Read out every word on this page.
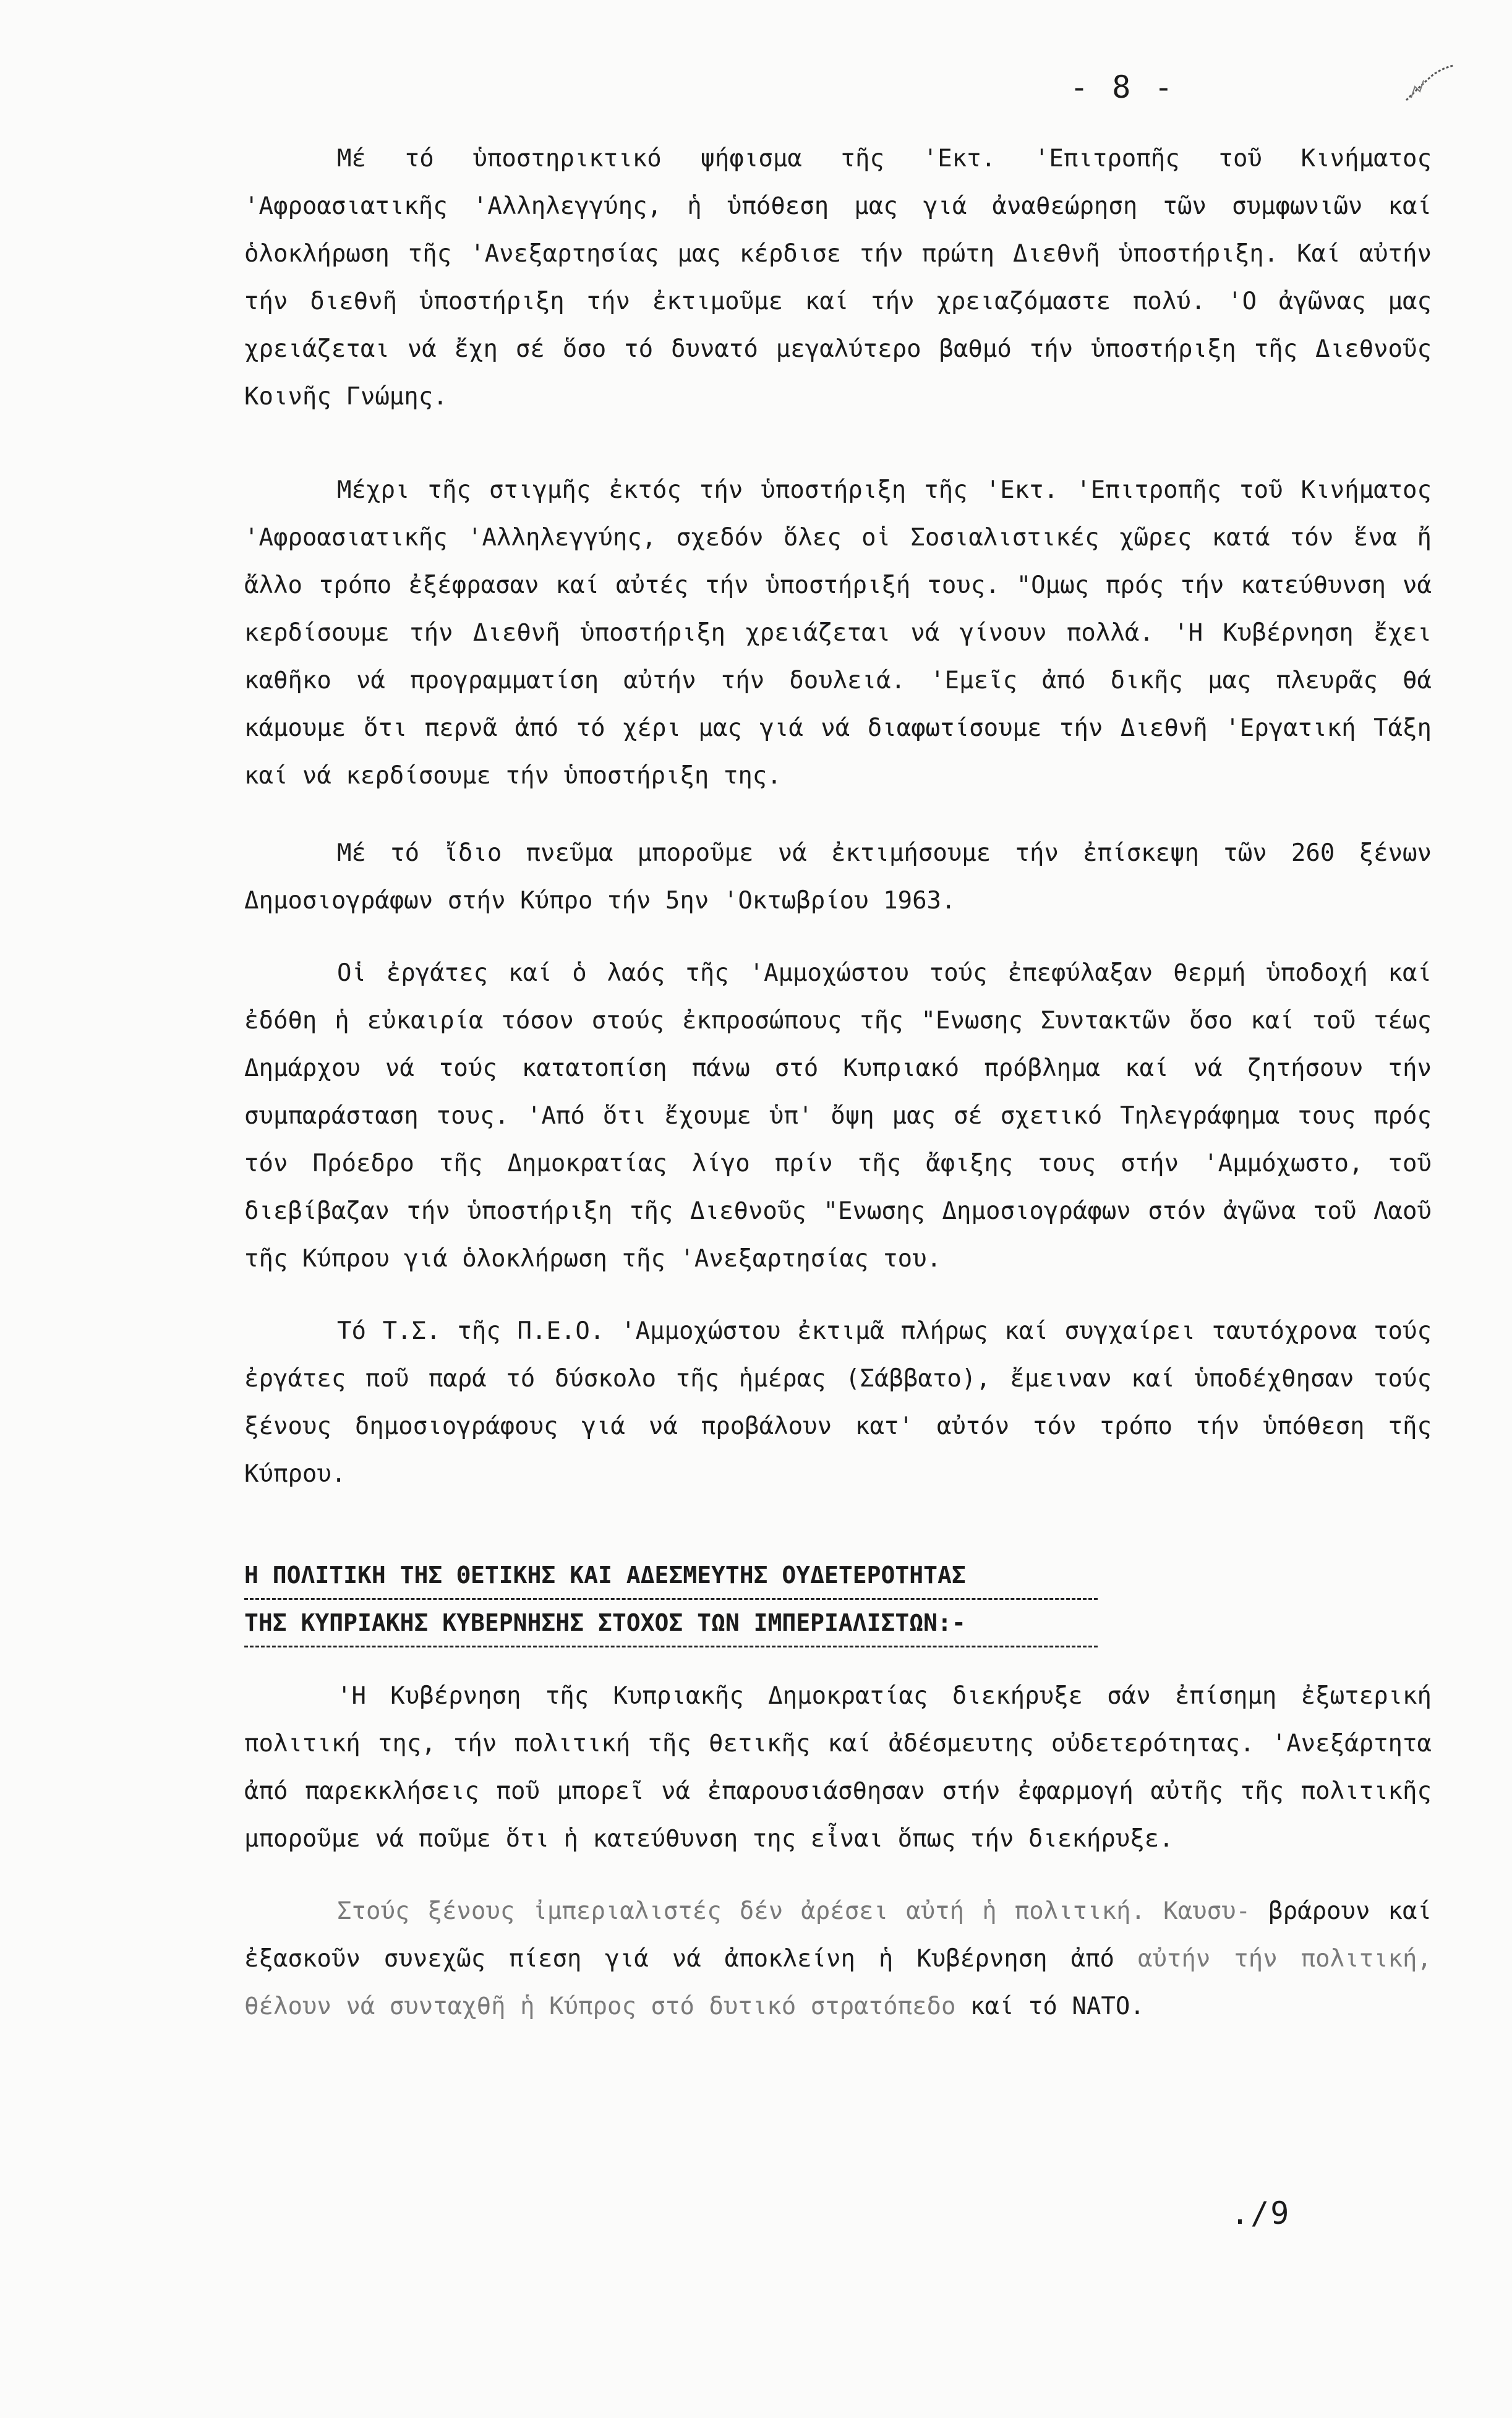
- 8 -

Μέ τό ὑποστηρικτικό ψήφισμα τῆς 'Εκτ. 'Επιτροπῆς τοῦ Κινήματος 'Αφροασιατικῆς 'Αλληλεγγύης, ἡ ὑπόθεση μας γιά ἀναθεώρηση τῶν συμφωνιῶν καί ὁλοκλήρωση τῆς 'Ανεξαρτησίας μας κέρδισε τήν πρώτη Διεθνῆ ὑποστήριξη. Καί αὐτήν τήν διεθνῆ ὑποστήριξη τήν ἐκτιμοῦμε καί τήν χρειαζόμαστε πολύ. 'Ο ἀγῶνας μας χρειάζεται νά ἔχη σέ ὅσο τό δυνατό μεγαλύτερο βαθμό τήν ὑποστήριξη τῆς Διεθνοῦς Κοινῆς Γνώμης.

Μέχρι τῆς στιγμῆς ἐκτός τήν ὑποστήριξη τῆς 'Εκτ. 'Επιτροπῆς τοῦ Κινήματος 'Αφροασιατικῆς 'Αλληλεγγύης, σχεδόν ὅλες οἱ Σοσιαλιστικές χῶρες κατά τόν ἕνα ἤ ἄλλο τρόπο ἐξέφρασαν καί αὐτές τήν ὑποστήριξή τους. "Ομως πρός τήν κατεύθυνση νά κερδίσουμε τήν Διεθνῆ ὑποστήριξη χρειάζεται νά γίνουν πολλά. 'Η Κυβέρνηση ἔχει καθῆκο νά προγραμματίση αὐτήν τήν δουλειά. 'Εμεῖς ἀπό δικῆς μας πλευρᾶς θά κάμουμε ὅτι περνᾶ ἀπό τό χέρι μας γιά νά διαφωτίσουμε τήν Διεθνῆ 'Εργατική Τάξη καί νά κερδίσουμε τήν ὑποστήριξη της.

Μέ τό ἴδιο πνεῦμα μποροῦμε νά ἐκτιμήσουμε τήν ἐπίσκεψη τῶν 260 ξένων Δημοσιογράφων στήν Κύπρο τήν 5ην 'Οκτωβρίου 1963.

Οἱ ἐργάτες καί ὁ λαός τῆς 'Αμμοχώστου τούς ἐπεφύλαξαν θερμή ὑποδοχή καί ἐδόθη ἡ εὐκαιρία τόσον στούς ἐκπροσώπους τῆς "Ενωσης Συντακτῶν ὅσο καί τοῦ τέως Δημάρχου νά τούς κατατοπίση πάνω στό Κυπριακό πρόβλημα καί νά ζητήσουν τήν συμπαράσταση τους. 'Από ὅτι ἔχουμε ὑπ' ὄψη μας σέ σχετικό Τηλεγράφημα τους πρός τόν Πρόεδρο τῆς Δημοκρατίας λίγο πρίν τῆς ἄφιξης τους στήν 'Αμμόχωστο, τοῦ διεβίβαζαν τήν ὑποστήριξη τῆς Διεθνοῦς "Ενωσης Δημοσιογράφων στόν ἀγῶνα τοῦ Λαοῦ τῆς Κύπρου γιά ὁλοκλήρωση τῆς 'Ανεξαρτησίας του.

Τό Τ.Σ. τῆς Π.Ε.Ο. 'Αμμοχώστου ἐκτιμᾶ πλήρως καί συγχαίρει ταυτόχρονα τούς ἐργάτες ποῦ παρά τό δύσκολο τῆς ἡμέρας (Σάββατο), ἔμειναν καί ὑποδέχθησαν τούς ξένους δημοσιογράφους γιά νά προβάλουν κατ' αὐτόν τόν τρόπο τήν ὑπόθεση τῆς Κύπρου.

Η ΠΟΛΙΤΙΚΗ ΤΗΣ ΘΕΤΙΚΗΣ ΚΑΙ ΑΔΕΣΜΕΥΤΗΣ ΟΥΔΕΤΕΡΟΤΗΤΑΣ
ΤΗΣ ΚΥΠΡΙΑΚΗΣ ΚΥΒΕΡΝΗΣΗΣ ΣΤΟΧΟΣ ΤΩΝ ΙΜΠΕΡΙΑΛΙΣΤΩΝ:-

'Η Κυβέρνηση τῆς Κυπριακῆς Δημοκρατίας διεκήρυξε σάν ἐπίσημη ἐξωτερική πολιτική της, τήν πολιτική τῆς θετικῆς καί ἀδέσμευτης οὐδετερότητας. 'Ανεξάρτητα ἀπό παρεκκλήσεις ποῦ μπορεῖ νά ἐπαρουσιάσθησαν στήν ἐφαρμογή αὐτῆς τῆς πολιτικῆς μποροῦμε νά ποῦμε ὅτι ἡ κατεύθυνση της εἶναι ὅπως τήν διεκήρυξε.

Στούς ξένους ἰμπεριαλιστές δέν ἀρέσει αὐτή ἡ πολιτική. Καυσυ- βράρουν καί ἐξασκοῦν συνεχῶς πίεση γιά νά ἀποκλείνη ἡ Κυβέρνηση ἀπό αὐτήν τήν πολιτική, θέλουν νά συνταχθῆ ἡ Κύπρος στό δυτικό στρατόπεδο καί τό ΝΑΤΟ.

./9
